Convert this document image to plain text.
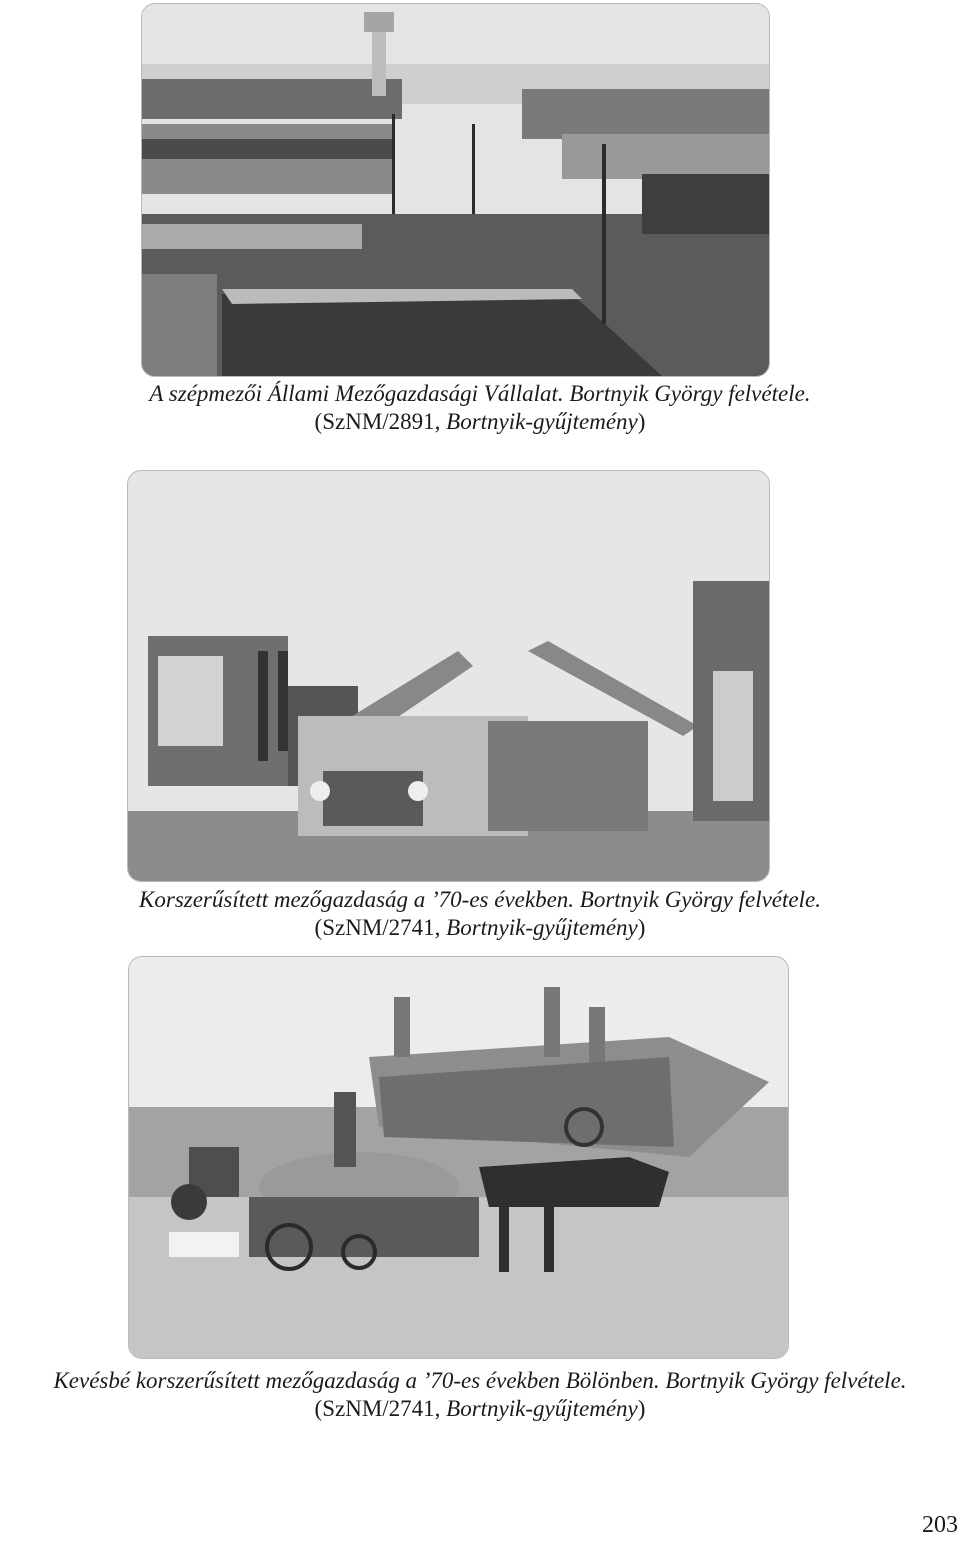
A szépmezői Állami Mezőgazdasági Vállalat. Bortnyik György felvétele.
(SzNM/2891, Bortnyik-gyűjtemény)
Korszerűsített mezőgazdaság a ’70-es években. Bortnyik György felvétele.
(SzNM/2741, Bortnyik-gyűjtemény)
Kevésbé korszerűsített mezőgazdaság a ’70-es években Bölönben. Bortnyik György felvétele.
(SzNM/2741, Bortnyik-gyűjtemény)
203
